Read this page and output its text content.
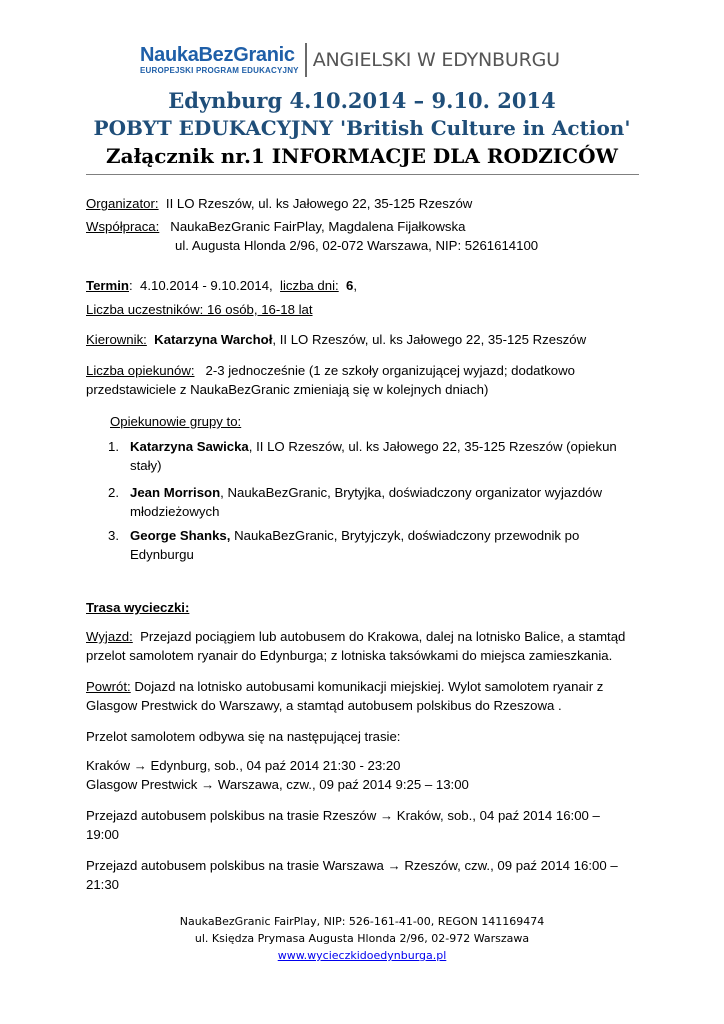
NaukaBezGranic
EUROPEJSKI PROGRAM EDUKACYJNY ANGIELSKI W EDYNBURGU
Edynburg 4.10.2014 – 9.10. 2014
POBYT EDUKACYJNY 'British Culture in Action'
Załącznik nr.1 INFORMACJE DLA RODZICÓW

Organizator: II LO Rzeszów, ul. ks Jałowego 22, 35-125 Rzeszów

Współpraca: NaukaBezGranic FairPlay, Magdalena Fijałkowska

ul. Augusta Hlonda 2/96, 02-072 Warszawa, NIP: 5261614100

Termin: 4.10.2014 - 9.10.2014, liczba dni: 6,

Liczba uczestników: 16 osób, 16-18 lat

Kierownik: Katarzyna Warchoł, II LO Rzeszów, ul. ks Jałowego 22, 35-125 Rzeszów

Liczba opiekunów: 2-3 jednocześnie (1 ze szkoły organizującej wyjazd; dodatkowo

przedstawiciele z NaukaBezGranic zmieniają się w kolejnych dniach)

Opiekunowie grupy to:

1. Katarzyna Sawicka, II LO Rzeszów, ul. ks Jałowego 22, 35-125 Rzeszów (opiekun
stały)
2. Jean Morrison, NaukaBezGranic, Brytyjka, doświadczony organizator wyjazdów
młodzieżowych
3. George Shanks, NaukaBezGranic, Brytyjczyk, doświadczony przewodnik po
Edynburgu

Trasa wycieczki:

Wyjazd: Przejazd pociągiem lub autobusem do Krakowa, dalej na lotnisko Balice, a stamtąd

przelot samolotem ryanair do Edynburga; z lotniska taksówkami do miejsca zamieszkania.

Powrót: Dojazd na lotnisko autobusami komunikacji miejskiej. Wylot samolotem ryanair z

Glasgow Prestwick do Warszawy, a stamtąd autobusem polskibus do Rzeszowa .

Przelot samolotem odbywa się na następującej trasie:

Kraków → Edynburg, sob., 04 paź 2014 21:30 - 23:20

Glasgow Prestwick → Warszawa, czw., 09 paź 2014 9:25 – 13:00

Przejazd autobusem polskibus na trasie Rzeszów → Kraków, sob., 04 paź 2014 16:00 –

19:00

Przejazd autobusem polskibus na trasie Warszawa → Rzeszów, czw., 09 paź 2014 16:00 –

21:30

NaukaBezGranic FairPlay, NIP: 526-161-41-00, REGON 141169474
ul. Księdza Prymasa Augusta Hlonda 2/96, 02-972 Warszawa
www.wycieczkidoedynburga.pl
